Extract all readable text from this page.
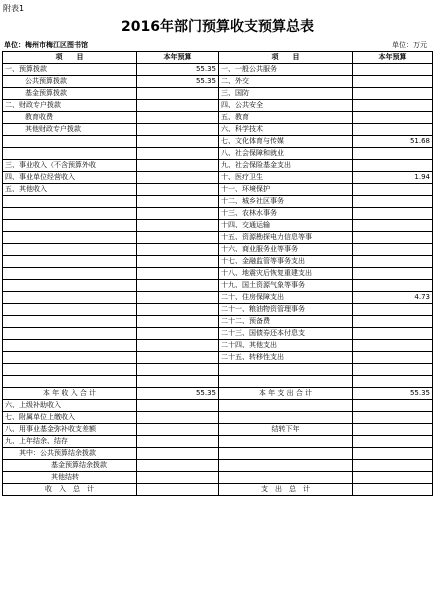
附表1
2016年部门预算收支预算总表
单位：梅州市梅江区图书馆	单位：万元
项　　目	本年预算	项　　目	本年预算
一、预算拨款	55.35	一、一般公共服务	
公共预算拨款	55.35	二、外交	
基金预算拨款		三、国防	
二、财政专户拨款		四、公共安全	
教育收费		五、教育	
其他财政专户拨款		六、科学技术	
		七、文化体育与传媒	51.68
		八、社会保障和就业	
三、事业收入（不含预算外收		九、社会保险基金支出	
四、事业单位经营收入		十、医疗卫生	1.94
五、其他收入		十一、环境保护	
		十二、城乡社区事务	
		十三、农林水事务	
		十四、交通运输	
		十五、资源勘探电力信息等事	
		十六、商业服务业等事务	
		十七、金融监管等事务支出	
		十八、地震灾后恢复重建支出	
		十九、国土资源气象等事务	
		二十、住房保障支出	4.73
		二十一、粮油物资管理事务	
		二十二、预备费	
		二十三、国债券还本付息支	
		二十四、其他支出	
		二十五、转移性支出	

本 年 收 入 合 计	55.35	本 年 支 出 合 计	55.35
六、上级补助收入			
七、附属单位上缴收入			
八、用事业基金弥补收支差额		结转下年	
九、上年结余、结存			
其中：公共预算结余拨款			
基金预算结余拨款			
其他结转			
收　入　总　计		支　出　总　计	
